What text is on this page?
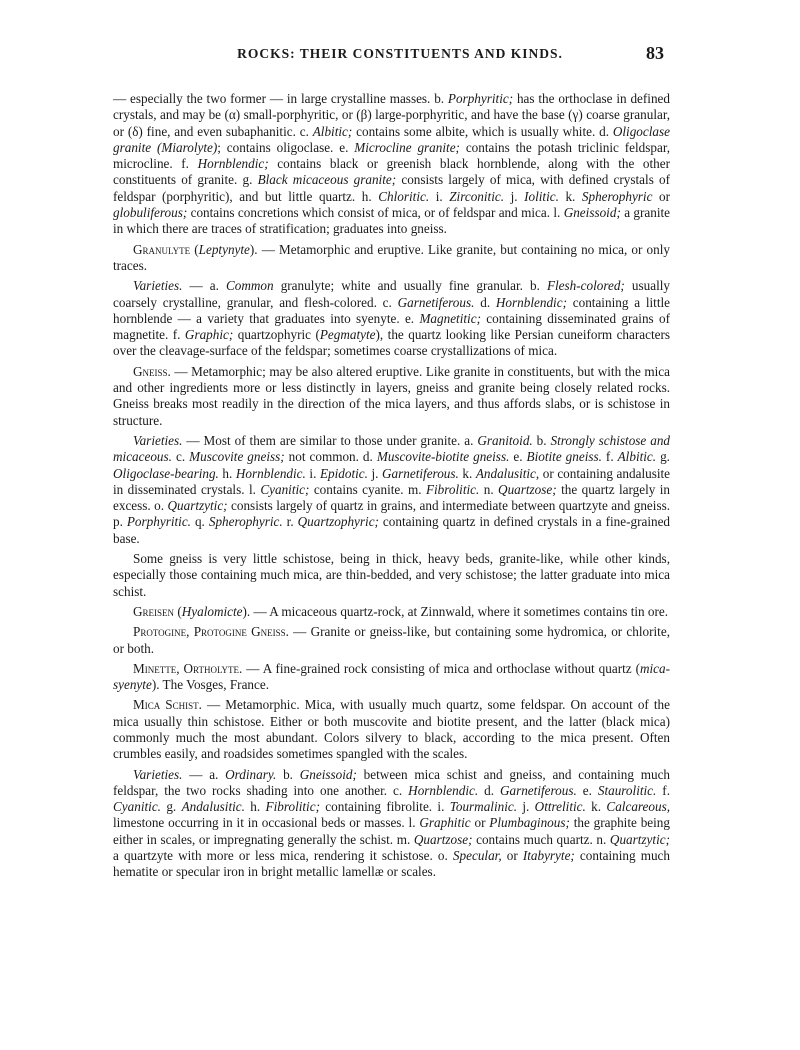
ROCKS: THEIR CONSTITUENTS AND KINDS.	83

— especially the two former — in large crystalline masses. b. Porphyritic; has the orthoclase in defined crystals, and may be (α) small-porphyritic, or (β) large-porphyritic, and have the base (γ) coarse granular, or (δ) fine, and even subaphanitic. c. Albitic; contains some albite, which is usually white. d. Oligoclase granite (Miarolyte); contains oligoclase. e. Microcline granite; contains the potash triclinic feldspar, microcline. f. Hornblendic; contains black or greenish black hornblende, along with the other constituents of granite. g. Black micaceous granite; consists largely of mica, with defined crystals of feldspar (porphyritic), and but little quartz. h. Chloritic. i. Zirconitic. j. Iolitic. k. Spherophyric or globuliferous; contains concretions which consist of mica, or of feldspar and mica. l. Gneissoid; a granite in which there are traces of stratification; graduates into gneiss.

Granulyte (Leptynyte). — Metamorphic and eruptive. Like granite, but containing no mica, or only traces.

Varieties. — a. Common granulyte; white and usually fine granular. b. Flesh-colored; usually coarsely crystalline, granular, and flesh-colored. c. Garnetiferous. d. Hornblendic; containing a little hornblende — a variety that graduates into syenyte. e. Magnetitic; containing disseminated grains of magnetite. f. Graphic; quartzophyric (Pegmatyte), the quartz looking like Persian cuneiform characters over the cleavage-surface of the feldspar; sometimes coarse crystallizations of mica.

Gneiss. — Metamorphic; may be also altered eruptive. Like granite in constituents, but with the mica and other ingredients more or less distinctly in layers, gneiss and granite being closely related rocks. Gneiss breaks most readily in the direction of the mica layers, and thus affords slabs, or is schistose in structure.

Varieties. — Most of them are similar to those under granite. a. Granitoid. b. Strongly schistose and micaceous. c. Muscovite gneiss; not common. d. Muscovite-biotite gneiss. e. Biotite gneiss. f. Albitic. g. Oligoclase-bearing. h. Hornblendic. i. Epidotic. j. Garnetiferous. k. Andalusitic, or containing andalusite in disseminated crystals. l. Cyanitic; contains cyanite. m. Fibrolitic. n. Quartzose; the quartz largely in excess. o. Quartzytic; consists largely of quartz in grains, and intermediate between quartzyte and gneiss. p. Porphyritic. q. Spherophyric. r. Quartzophyric; containing quartz in defined crystals in a fine-grained base.

Some gneiss is very little schistose, being in thick, heavy beds, granite-like, while other kinds, especially those containing much mica, are thin-bedded, and very schistose; the latter graduate into mica schist.

Greisen (Hyalomicte). — A micaceous quartz-rock, at Zinnwald, where it sometimes contains tin ore.

Protogine, Protogine Gneiss. — Granite or gneiss-like, but containing some hydromica, or chlorite, or both.

Minette, Ortholyte. — A fine-grained rock consisting of mica and orthoclase without quartz (mica-syenyte). The Vosges, France.

Mica Schist. — Metamorphic. Mica, with usually much quartz, some feldspar. On account of the mica usually thin schistose. Either or both muscovite and biotite present, and the latter (black mica) commonly much the most abundant. Colors silvery to black, according to the mica present. Often crumbles easily, and roadsides sometimes spangled with the scales.

Varieties. — a. Ordinary. b. Gneissoid; between mica schist and gneiss, and containing much feldspar, the two rocks shading into one another. c. Hornblendic. d. Garnetiferous. e. Staurolitic. f. Cyanitic. g. Andalusitic. h. Fibrolitic; containing fibrolite. i. Tourmalinic. j. Ottrelitic. k. Calcareous, limestone occurring in it in occasional beds or masses. l. Graphitic or Plumbaginous; the graphite being either in scales, or impregnating generally the schist. m. Quartzose; contains much quartz. n. Quartzytic; a quartzyte with more or less mica, rendering it schistose. o. Specular, or Itabyryte; containing much hematite or specular iron in bright metallic lamellæ or scales.
